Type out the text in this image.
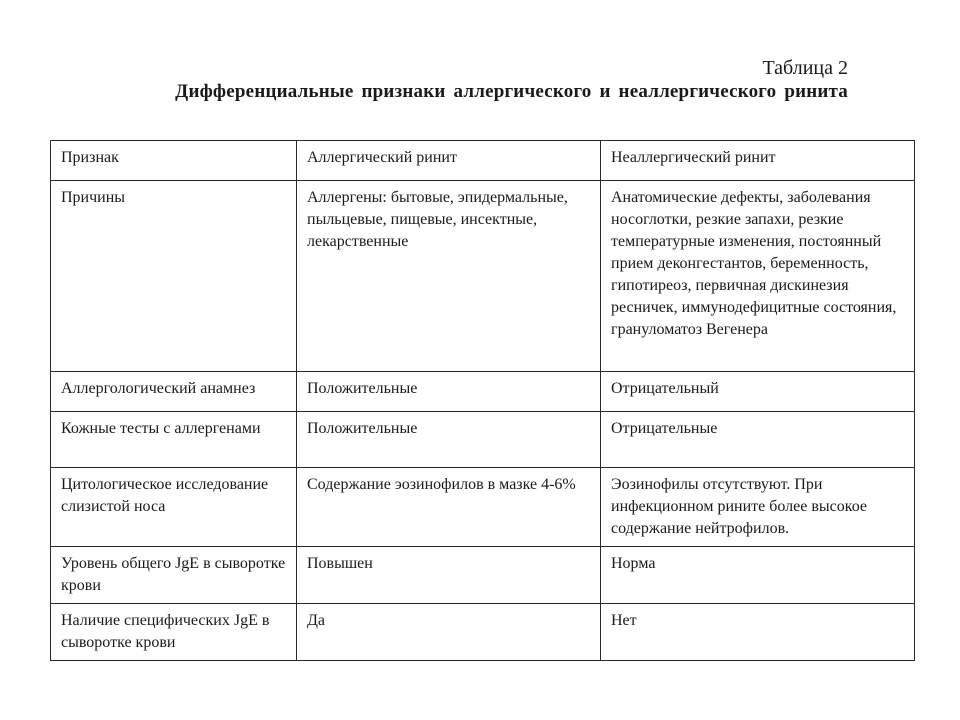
Таблица 2
Дифференциальные признаки аллергического и неаллергического ринита
Признак	Аллергический ринит	Неаллергический ринит
Причины	Аллергены: бытовые, эпидермальные, пыльцевые, пищевые, инсектные, лекарственные	Анатомические дефекты, заболевания носоглотки, резкие запахи, резкие температурные изменения, постоянный прием деконгестантов, беременность, гипотиреоз, первичная дискинезия ресничек, иммунодефицитные состояния, грануломатоз Вегенера
Аллергологический анамнез	Положительные	Отрицательный
Кожные тесты с аллергенами	Положительные	Отрицательные
Цитологическое исследование слизистой носа	Содержание эозинофилов в мазке 4-6%	Эозинофилы отсутствуют. При инфекционном рините более высокое содержание нейтрофилов.
Уровень общего JgE в сыворотке крови	Повышен	Норма
Наличие специфических JgE в сыворотке крови	Да	Нет
